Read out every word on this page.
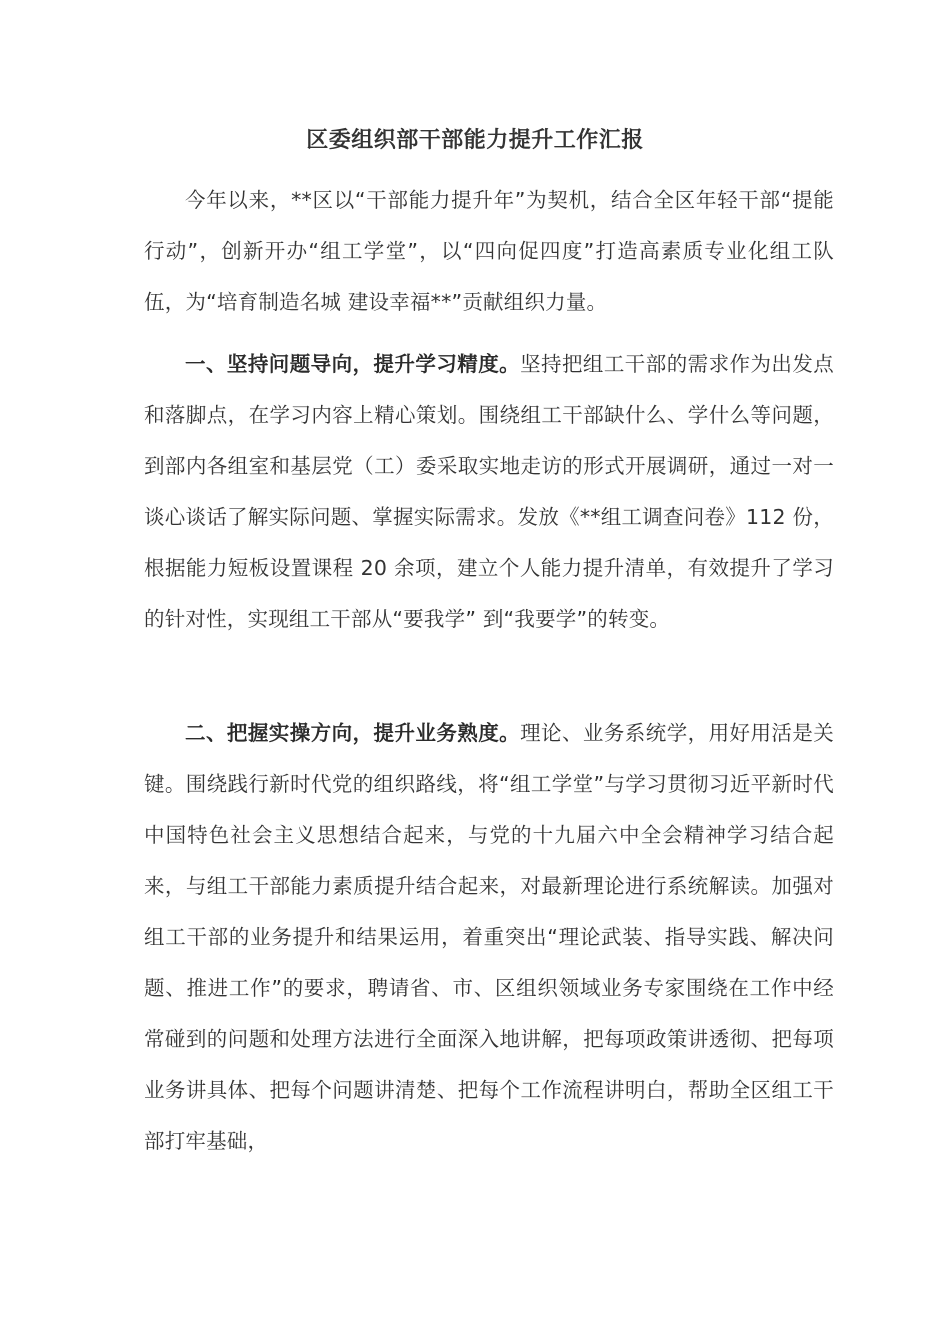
区委组织部干部能力提升工作汇报
今年以来，**区以“干部能力提升年”为契机，结合全区年轻干部“提能行动”，创新开办“组工学堂”，以“四向促四度”打造高素质专业化组工队伍，为“培育制造名城 建设幸福**”贡献组织力量。
一、坚持问题导向，提升学习精度。坚持把组工干部的需求作为出发点和落脚点，在学习内容上精心策划。围绕组工干部缺什么、学什么等问题，到部内各组室和基层党（工）委采取实地走访的形式开展调研，通过一对一谈心谈话了解实际问题、掌握实际需求。发放《**组工调查问卷》112 份，根据能力短板设置课程 20 余项，建立个人能力提升清单，有效提升了学习的针对性，实现组工干部从“要我学” 到“我要学”的转变。
二、把握实操方向，提升业务熟度。理论、业务系统学，用好用活是关键。围绕践行新时代党的组织路线，将“组工学堂”与学习贯彻习近平新时代中国特色社会主义思想结合起来，与党的十九届六中全会精神学习结合起来，与组工干部能力素质提升结合起来，对最新理论进行系统解读。加强对组工干部的业务提升和结果运用，着重突出“理论武装、指导实践、解决问题、推进工作”的要求，聘请省、市、区组织领域业务专家围绕在工作中经常碰到的问题和处理方法进行全面深入地讲解，把每项政策讲透彻、把每项业务讲具体、把每个问题讲清楚、把每个工作流程讲明白，帮助全区组工干部打牢基础，
